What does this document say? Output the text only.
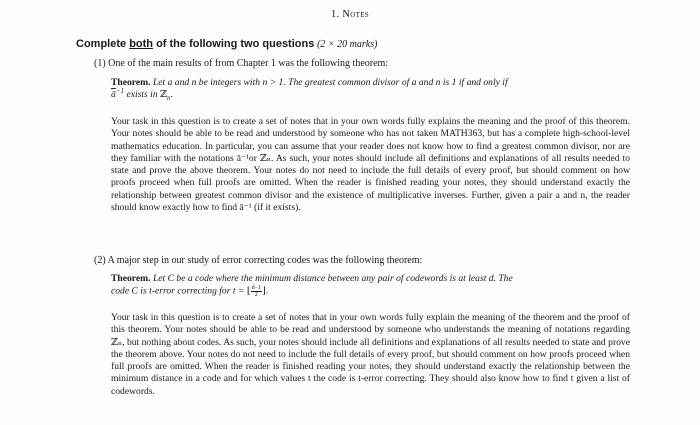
1. Notes
Complete both of the following two questions (2 × 20 marks)
(1) One of the main results of from Chapter 1 was the following theorem:
Theorem. Let a and n be integers with n > 1. The greatest common divisor of a and n is 1 if and only if
$\overline{ā}^{-1}$ exists in ℤ$_n$.
Your task in this question is to create a set of notes that in your own words fully explains the meaning and the proof of this theorem. Your notes should be able to be read and understood by someone who has not taken MATH363, but has a complete high-school-level mathematics education. In particular, you can assume that your reader does not know how to find a greatest common divisor, nor are they familiar with the notations ā⁻¹or ℤₙ. As such, your notes should include all definitions and explanations of all results needed to state and prove the above theorem. Your notes do not need to include the full details of every proof, but should comment on how proofs proceed when full proofs are omitted. When the reader is finished reading your notes, they should understand exactly the relationship between greatest common divisor and the existence of multiplicative inverses. Further, given a pair a and n, the reader should know exactly how to find ā⁻¹ (if it exists).
(2) A major step in our study of error correcting codes was the following theorem:
Theorem. Let C be a code where the minimum distance between any pair of codewords is at least d. The
code C is t-error correcting for t = ⌊ $\frac{d-1}{2}$ ⌋.
Your task in this question is to create a set of notes that in your own words fully explain the meaning of the theorem and the proof of this theorem. Your notes should be able to be read and understood by someone who understands the meaning of notations regarding ℤₙ, but nothing about codes. As such, your notes should include all definitions and explanations of all results needed to state and prove the theorem above. Your notes do not need to include the full details of every proof, but should comment on how proofs proceed when full proofs are omitted. When the reader is finished reading your notes, they should understand exactly the relationship between the minimum distance in a code and for which values t the code is t-error correcting. They should also know how to find t given a list of codewords.
